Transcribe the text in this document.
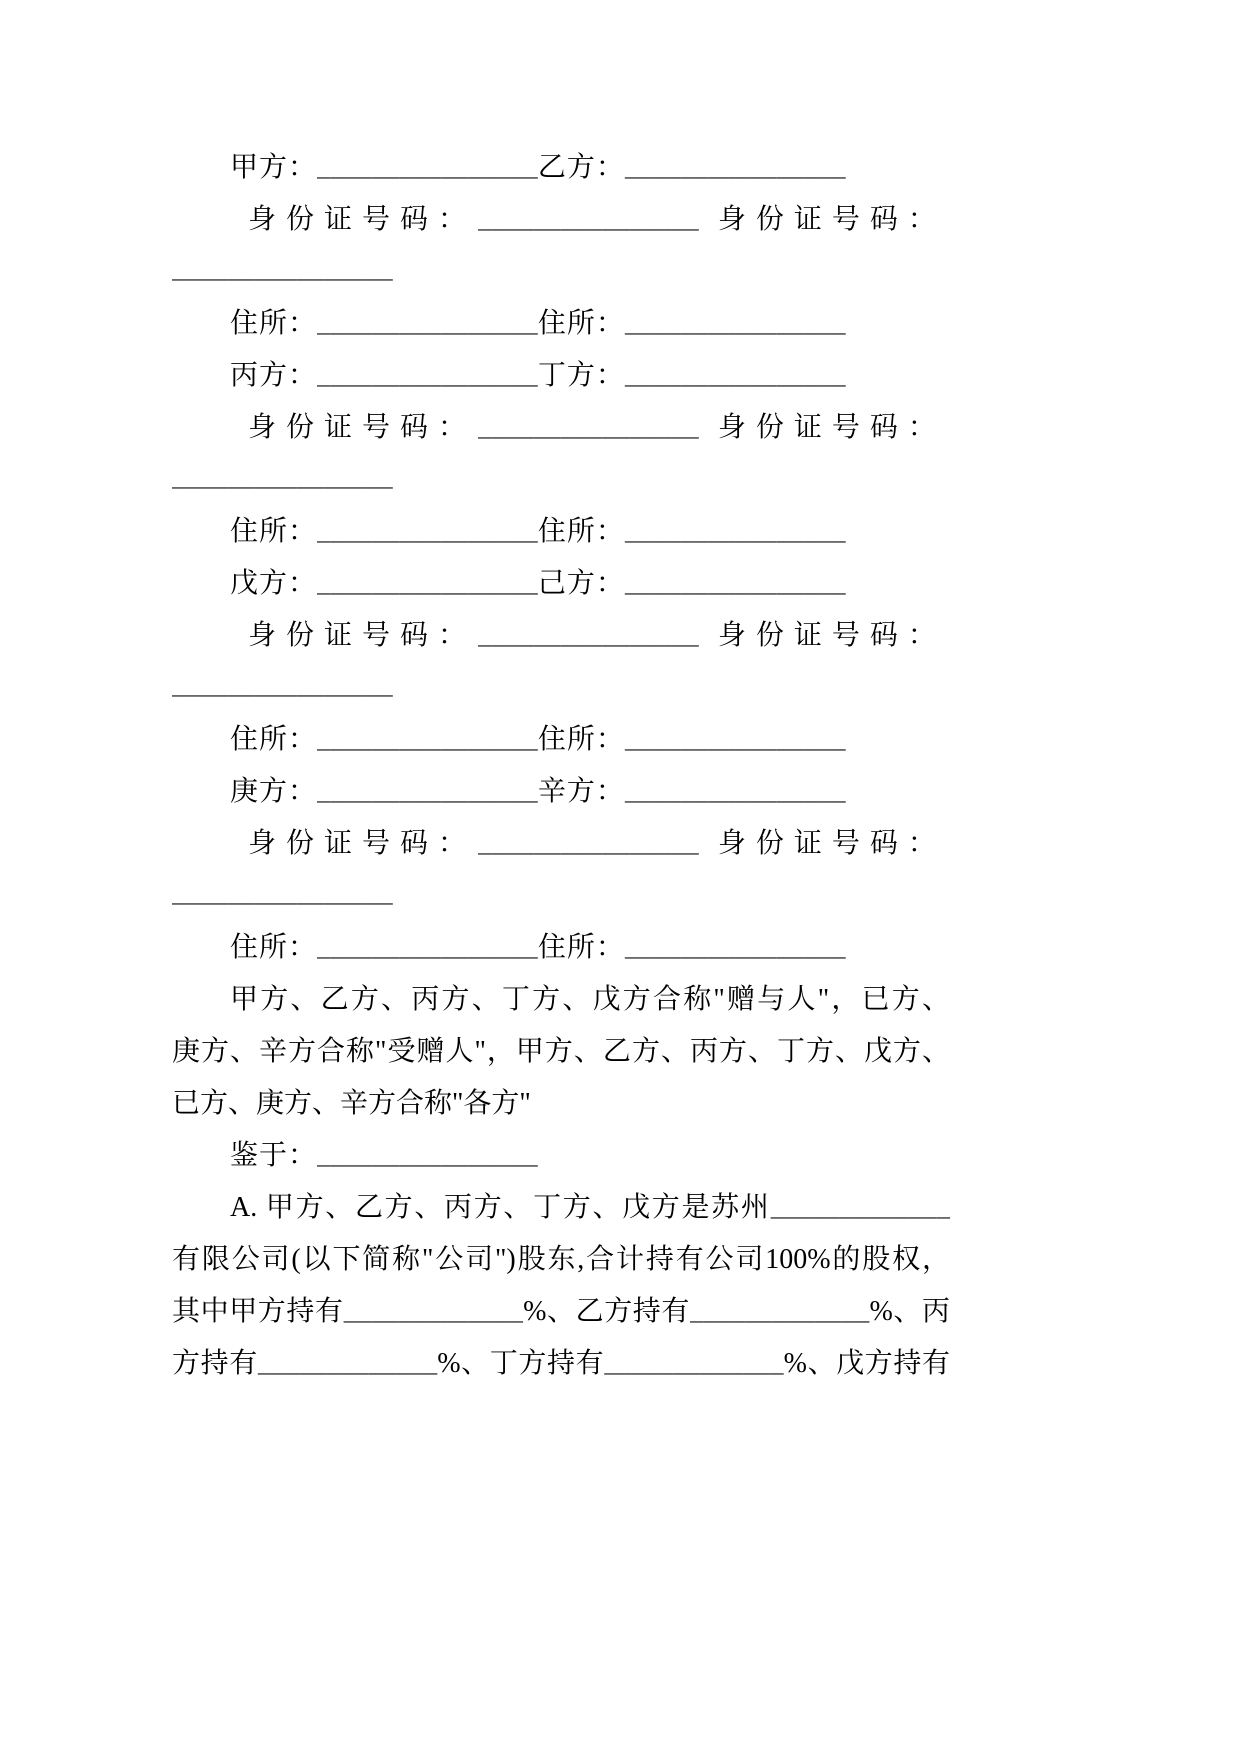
甲方： ________________ 乙方： ________________
身份证号码： ________________ 身份证号码：
________________
住所： ________________ 住所： ________________
丙方： ________________ 丁方： ________________
身份证号码： ________________ 身份证号码：
________________
住所： ________________ 住所： ________________
戊方： ________________ 己方： ________________
身份证号码： ________________ 身份证号码：
________________
住所： ________________ 住所： ________________
庚方： ________________ 辛方： ________________
身份证号码： ________________ 身份证号码：
________________
住所： ________________ 住所： ________________
甲方、乙方、丙方、丁方、戊方合称"赠与人"，已方、
庚方、辛方合称"受赠人"，甲方、乙方、丙方、丁方、戊方、
已方、庚方、辛方合称"各方"
鉴于： ________________
A. 甲方、乙方、丙方、丁方、戊方是苏州_____________
有限公司(以下简称"公司")股东,合计持有公司100%的股权，
其中甲方持有_____________%、乙方持有_____________%、丙
方持有_____________%、丁方持有_____________%、戊方持有
